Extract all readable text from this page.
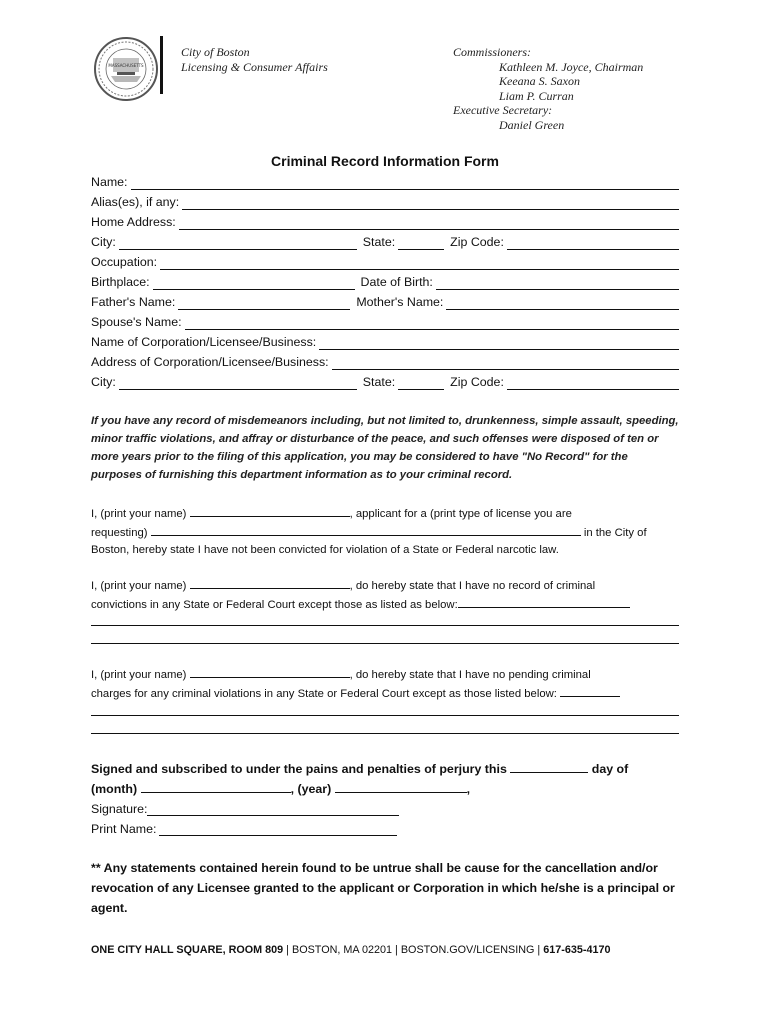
MASSACHUSETTS
City of Boston
Licensing & Consumer Affairs
Commissioners:
Kathleen M. Joyce, Chairman
Keeana S. Saxon
Liam P. Curran
Executive Secretary:
Daniel Green
Criminal Record Information Form
Name:
Alias(es), if any:
Home Address:
City:	State:	Zip Code:
Occupation:
Birthplace:	Date of Birth:
Father's Name:	Mother's Name:
Spouse's Name:
Name of Corporation/Licensee/Business:
Address of Corporation/Licensee/Business:
City:	State:	Zip Code:
If you have any record of misdemeanors including, but not limited to, drunkenness, simple assault, speeding, minor traffic violations, and affray or disturbance of the peace, and such offenses were disposed of ten or more years prior to the filing of this application, you may be considered to have "No Record" for the purposes of furnishing this department information as to your criminal record.
I, (print your name)	, applicant for a (print type of license you are
requesting)	in the City of
Boston, hereby state I have not been convicted for violation of a State or Federal narcotic law.
I, (print your name)	, do hereby state that I have no record of criminal
convictions in any State or Federal Court except those as listed as below:
I, (print your name)	, do hereby state that I have no pending criminal
charges for any criminal violations in any State or Federal Court except as those listed below:
Signed and subscribed to under the pains and penalties of perjury this	day of
(month)	, (year)	,
Signature:
Print Name:
** Any statements contained herein found to be untrue shall be cause for the cancellation and/or revocation of any Licensee granted to the applicant or Corporation in which he/she is a principal or agent.
ONE CITY HALL SQUARE, ROOM 809 | BOSTON, MA 02201 | BOSTON.GOV/LICENSING | 617-635-4170
